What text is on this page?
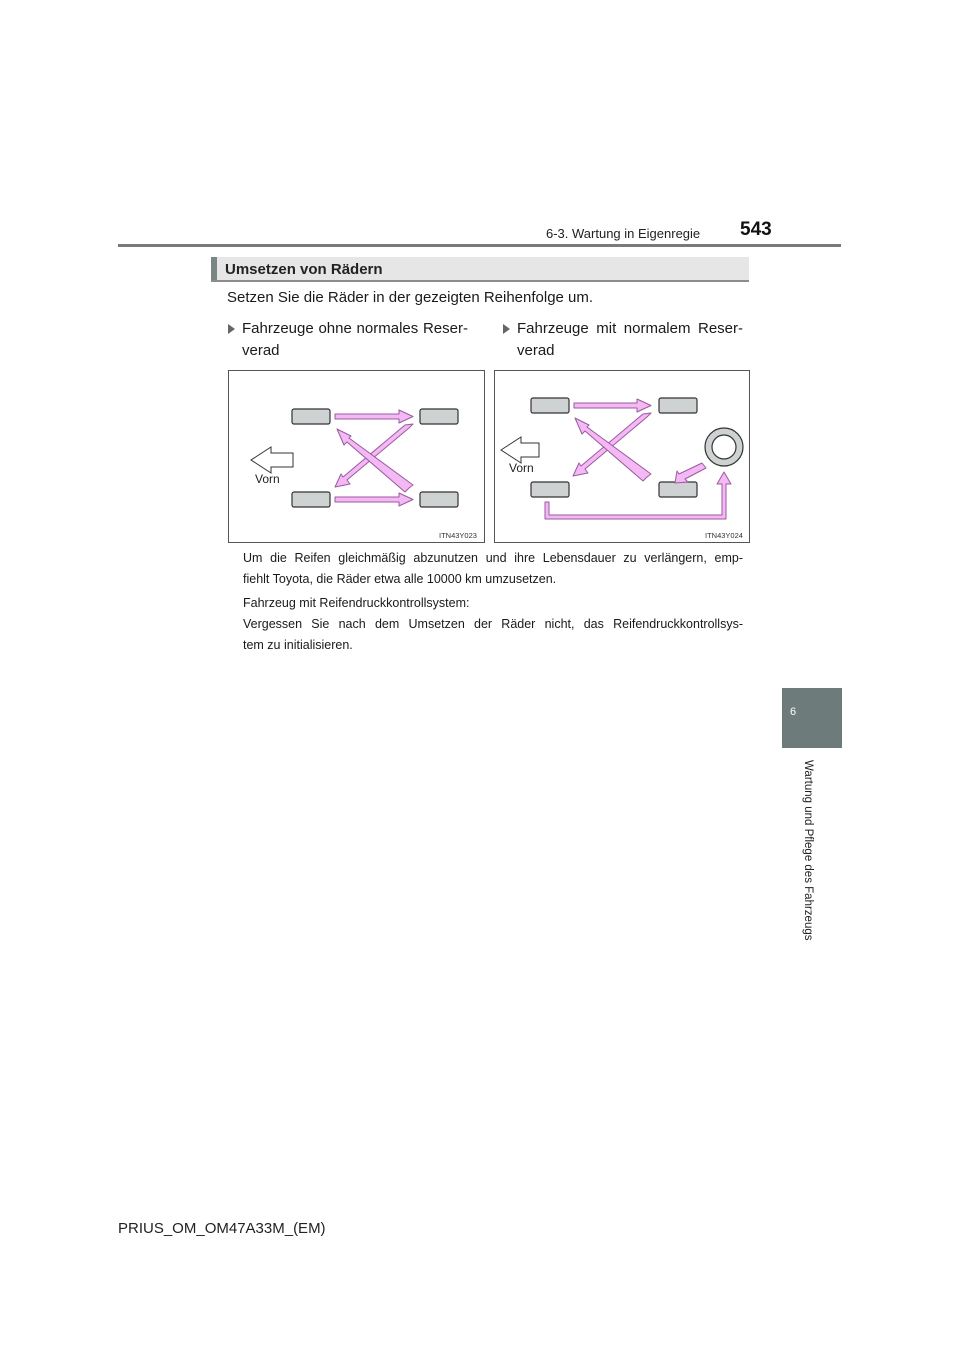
6-3. Wartung in Eigenregie 543
6
Wartung und Pflege des Fahrzeugs
Umsetzen von Rädern
Setzen Sie die Räder in der gezeigten Reihenfolge um.
Fahrzeuge ohne normales Reser-
verad
Fahrzeuge mit normalem Reser-
verad
Vorn
ITN43Y023
Vorn
ITN43Y024
Um die Reifen gleichmäßig abzunutzen und ihre Lebensdauer zu verlängern, emp-
fiehlt Toyota, die Räder etwa alle 10000 km umzusetzen.
Fahrzeug mit Reifendruckkontrollsystem:
Vergessen Sie nach dem Umsetzen der Räder nicht, das Reifendruckkontrollsys-
tem zu initialisieren.
PRIUS_OM_OM47A33M_(EM)
